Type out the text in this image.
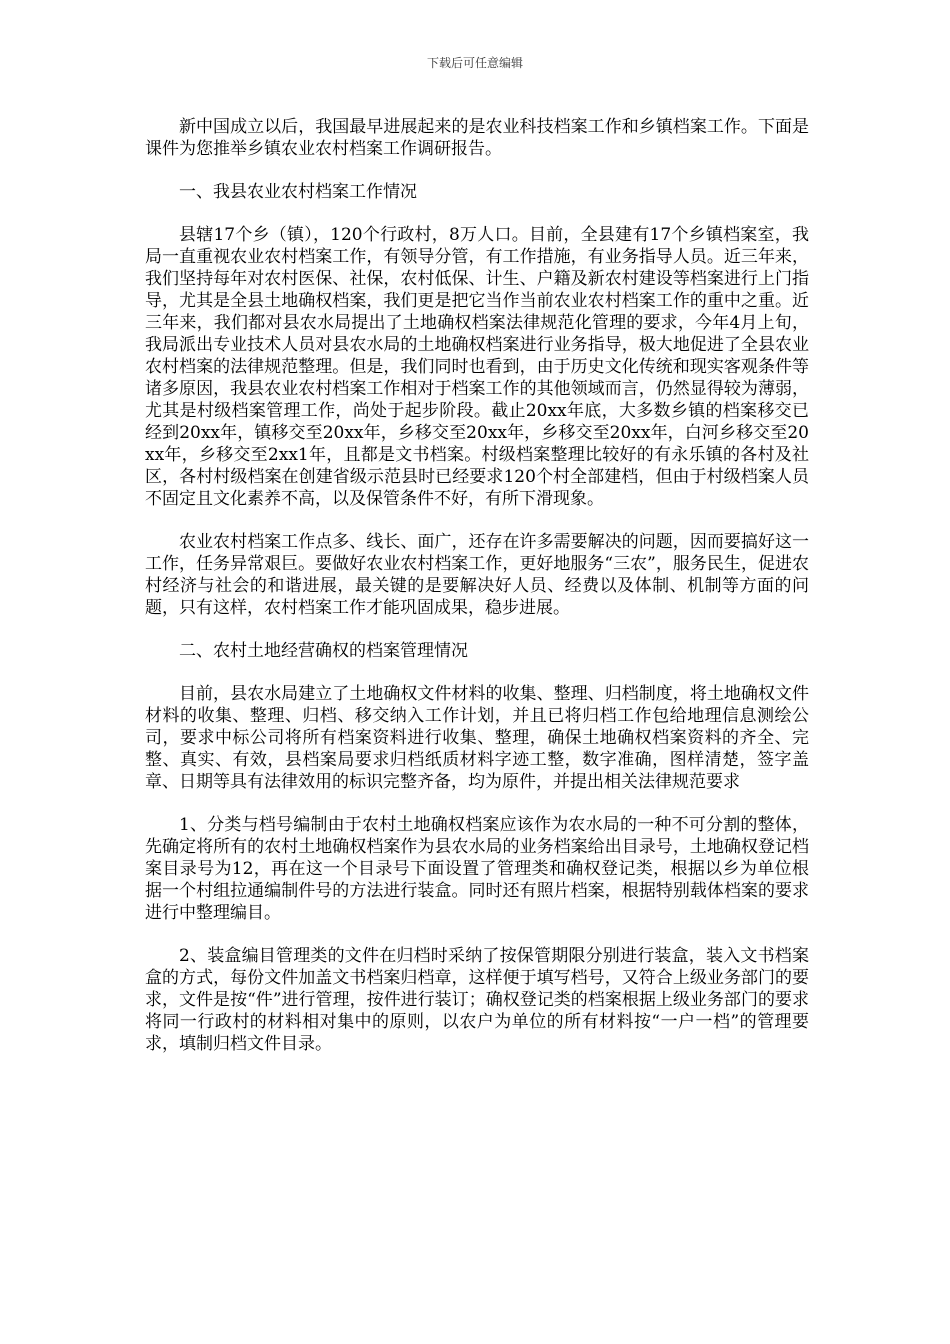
下载后可任意编辑

新中国成立以后，我国最早进展起来的是农业科技档案工作和乡镇档案工作。下面是课件为您推举乡镇农业农村档案工作调研报告。

一、我县农业农村档案工作情况

县辖17个乡（镇），120个行政村，8万人口。目前，全县建有17个乡镇档案室，我局一直重视农业农村档案工作，有领导分管，有工作措施，有业务指导人员。近三年来，我们坚持每年对农村医保、社保，农村低保、计生、户籍及新农村建设等档案进行上门指导，尤其是全县土地确权档案，我们更是把它当作当前农业农村档案工作的重中之重。近三年来，我们都对县农水局提出了土地确权档案法律规范化管理的要求，今年4月上旬，我局派出专业技术人员对县农水局的土地确权档案进行业务指导，极大地促进了全县农业农村档案的法律规范整理。但是，我们同时也看到，由于历史文化传统和现实客观条件等诸多原因，我县农业农村档案工作相对于档案工作的其他领域而言，仍然显得较为薄弱，尤其是村级档案管理工作，尚处于起步阶段。截止20xx年底，大多数乡镇的档案移交已经到20xx年，镇移交至20xx年，乡移交至20xx年，乡移交至20xx年，白河乡移交至20xx年，乡移交至2xx1年，且都是文书档案。村级档案整理比较好的有永乐镇的各村及社区，各村村级档案在创建省级示范县时已经要求120个村全部建档，但由于村级档案人员不固定且文化素养不高，以及保管条件不好，有所下滑现象。

农业农村档案工作点多、线长、面广，还存在许多需要解决的问题，因而要搞好这一工作，任务异常艰巨。要做好农业农村档案工作，更好地服务“三农”，服务民生，促进农村经济与社会的和谐进展，最关键的是要解决好人员、经费以及体制、机制等方面的问题，只有这样，农村档案工作才能巩固成果，稳步进展。

二、农村土地经营确权的档案管理情况

目前，县农水局建立了土地确权文件材料的收集、整理、归档制度，将土地确权文件材料的收集、整理、归档、移交纳入工作计划，并且已将归档工作包给地理信息测绘公司，要求中标公司将所有档案资料进行收集、整理，确保土地确权档案资料的齐全、完整、真实、有效，县档案局要求归档纸质材料字迹工整，数字准确，图样清楚，签字盖章、日期等具有法律效用的标识完整齐备，均为原件，并提出相关法律规范要求

1、分类与档号编制由于农村土地确权档案应该作为农水局的一种不可分割的整体，先确定将所有的农村土地确权档案作为县农水局的业务档案给出目录号，土地确权登记档案目录号为12，再在这一个目录号下面设置了管理类和确权登记类，根据以乡为单位根据一个村组拉通编制件号的方法进行装盒。同时还有照片档案，根据特别载体档案的要求进行中整理编目。

2、装盒编目管理类的文件在归档时采纳了按保管期限分别进行装盒，装入文书档案盒的方式，每份文件加盖文书档案归档章，这样便于填写档号，又符合上级业务部门的要求，文件是按“件”进行管理，按件进行装订；确权登记类的档案根据上级业务部门的要求将同一行政村的材料相对集中的原则，以农户为单位的所有材料按“一户一档”的管理要求，填制归档文件目录。
